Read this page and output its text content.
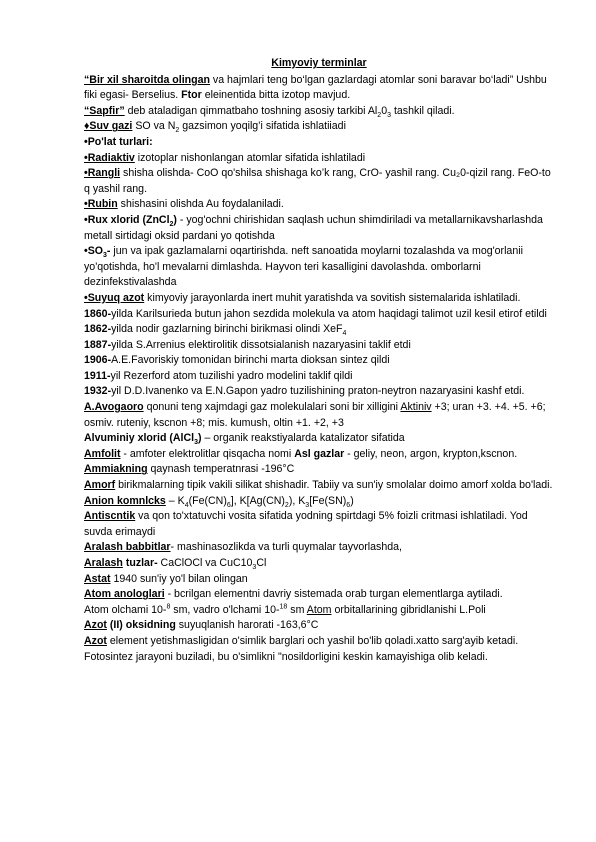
Kimyoviy terminlar

“Bir xil sharoitda olingan va hajmlari teng bo‘lgan gazlardagi atomlar soni baravar bo‘ladi” Ushbu fiki egasi- Berselius. Ftor eleinentida bitta izotop mavjud.

“Sapfir” deb ataladigan qimmatbaho toshning asosiy tarkibi $Al_20_3$ tashkil qiladi.

♦Suv gazi SO va $N_2$ gazsimon yoqilg’i sifatida ishlatiiadi

•Po'lat turlari:

•Radiaktiv izotoplar nishonlangan atomlar sifatida ishlatiladi

•Rangli shisha olishda- CoO qo'shilsa shishaga ko’k rang, CrO- yashil rang. Cu₂0-qizil rang. FeO-to q yashil rang.

•Rubin shishasini olishda Au foydalaniladi.

•Rux xlorid (ZnCl$_2$) - yog'ochni chirishidan saqlash uchun shimdiriladi va metallarnikavsharlashda metall sirtidagi oksid pardani yo qotishda

$•SO_3-$ jun va ipak gazlamalarni oqartirishda. neft sanoatida moylarni tozalashda va mog'orlanii yo'qotishda, ho'l mevalarni dimlashda. Hayvon teri kasalligini davolashda. omborlarni dezinfekstivalashda

•Suyuq azot kimyoviy jarayonlarda inert muhit yaratishda va sovitish sistemalarida ishlatiladi.

1860-yilda Karilsurieda butun jahon sezdida molekula va atom haqidagi talimot uzil kesil etirof etildi

1862-yilda nodir gazlarning birinchi birikmasi olindi XeF$_4$

1887-yilda S.Arrenius elektirolitik dissotsialanish nazaryasini taklif etdi

1906-A.E.Favoriskiy tomonidan birinchi marta dioksan sintez qildi

1911-yil Rezerford atom tuzilishi yadro modelini taklif qildi

1932-yil D.D.Ivanenko va E.N.Gapon yadro tuzilishining praton-neytron nazaryasini kashf etdi.

A.Avogaoro qonuni teng xajmdagi gaz molekulalari soni bir xilligini Aktiniv +3; uran +3. +4. +5. +6; osmiv. ruteniy, kscnon +8; mis. kumush, oltin +1. +2, +3

Alvuminiy xlorid (AlCl$_3$) – organik reakstiyalarda katalizator sifatida

Amfolit - amfoter elektrolitlar qisqacha nomi Asl gazlar - geliy, neon, argon, krypton,kscnon.

Ammiakning qaynash temperatnrasi -196°C

Amorf birikmalarning tipik vakili silikat shishadir. Tabiiy va sun'iy smolalar doimo amorf xolda bo'ladi.

Anion komnlcks – $K_4(Fe(CN)_6]$, $K[Ag(CN)_2)$, $K_3[Fe(SN)_6)$

Antiscntik va qon to'xtatuvchi vosita sifatida yodning spirtdagi 5% foizli critmasi ishlatiladi. Yod suvda erimaydi

Aralash babbitlar- mashinasozlikda va turli quymalar tayvorlashda,

Aralash tuzlar- CaClOCl va $CuC10_3Cl$

Astat 1940 sun'iy yo'l bilan olingan

Atom anologlari - bcrilgan elementni davriy sistemada orab turgan elementlarga aytiladi.

Atom olchami 10-$^8$ sm, vadro o'lchami 10-$^{18}$ sm Atom orbitallarining gibridlanishi L.Poli

Azot (II) oksidning suyuqlanish harorati -163,6°C

Azot element yetishmasligidan o'simlik barglari och yashil bo'lib qoladi.xatto sarg'ayib ketadi. Fotosintez jarayoni buziladi, bu o'simlikni "nosildorligini keskin kamayishiga olib keladi.
